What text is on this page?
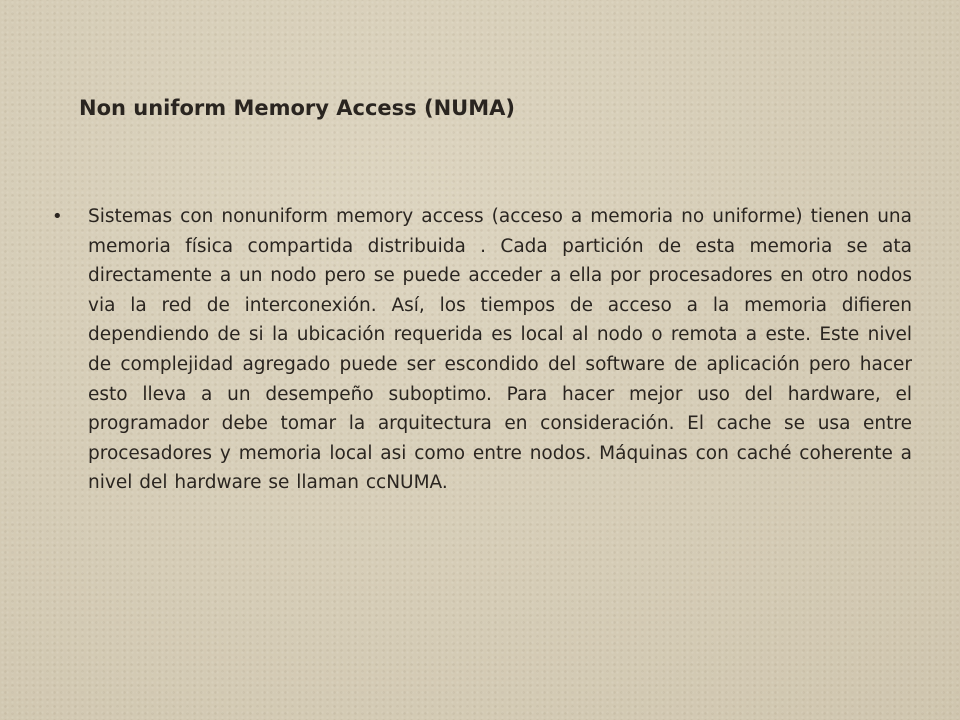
Non uniform Memory Access (NUMA)
• Sistemas con nonuniform memory access (acceso a memoria no uniforme) tienen una memoria física compartida distribuida . Cada partición de esta memoria se ata directamente a un nodo pero se puede acceder a ella por procesadores en otro nodos via la red de interconexión. Así, los tiempos de acceso a la memoria difieren dependiendo de si la ubicación requerida es local al nodo o remota a este. Este nivel de complejidad agregado puede ser escondido del software de aplicación pero hacer esto lleva a un desempeño suboptimo. Para hacer mejor uso del hardware, el programador debe tomar la arquitectura en consideración. El cache se usa entre procesadores y memoria local asi como entre nodos. Máquinas con caché coherente a nivel del hardware se llaman ccNUMA.
